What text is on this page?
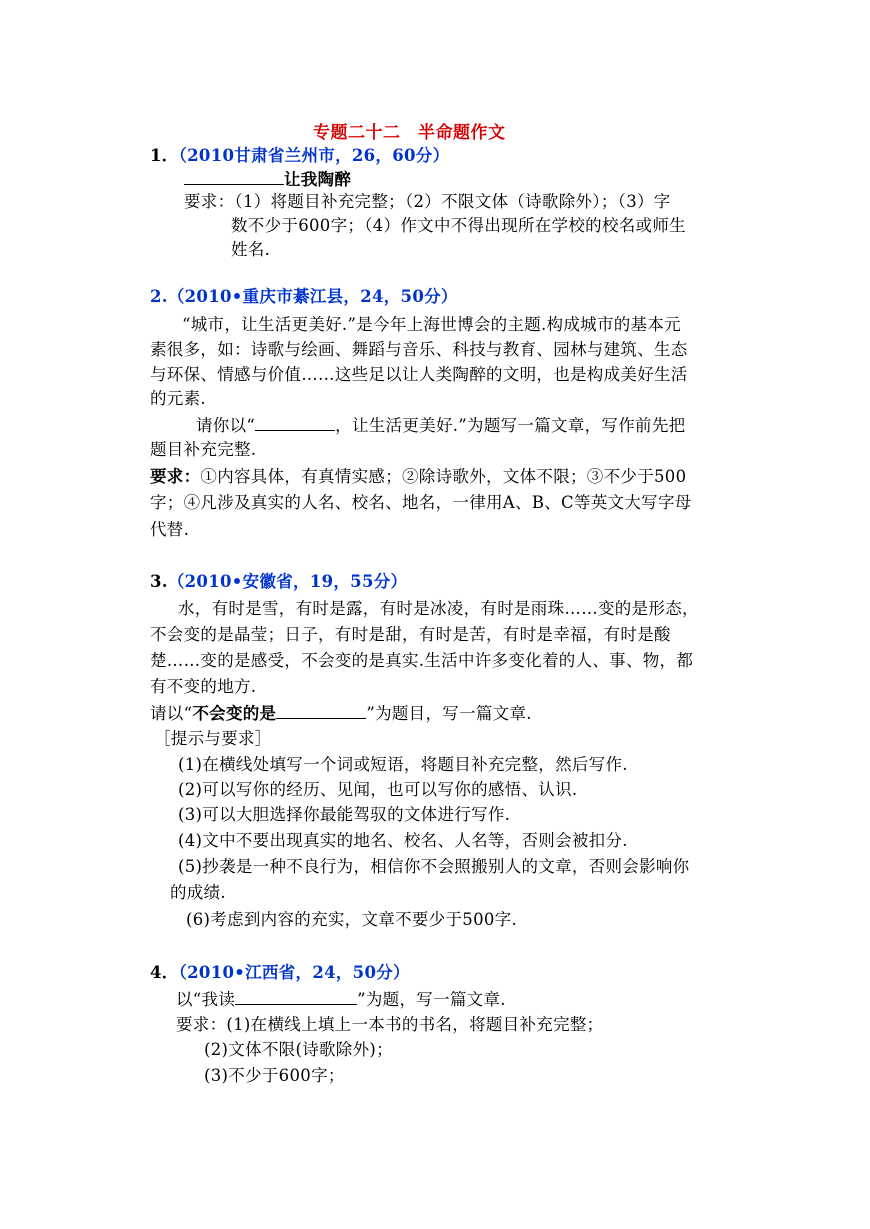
专题二十二　半命题作文
1．（2010甘肃省兰州市，26，60分）
让我陶醉
要求：（1）将题目补充完整；（2）不限文体（诗歌除外）；（3）字
数不少于600字；（4）作文中不得出现所在学校的校名或师生
姓名.
2.（2010•重庆市綦江县，24，50分）
“城市，让生活更美好.”是今年上海世博会的主题.构成城市的基本元
素很多，如：诗歌与绘画、舞蹈与音乐、科技与教育、园林与建筑、生态
与环保、情感与价值……这些足以让人类陶醉的文明，也是构成美好生活
的元素.
请你以“	，让生活更美好.”为题写一篇文章，写作前先把
题目补充完整.
要求：①内容具体，有真情实感；②除诗歌外，文体不限；③不少于500
字；④凡涉及真实的人名、校名、地名，一律用A、B、C等英文大写字母
代替.
3.（2010•安徽省，19，55分）
水，有时是雪，有时是露，有时是冰凌，有时是雨珠……变的是形态，
不会变的是晶莹；日子，有时是甜，有时是苦，有时是幸福，有时是酸
楚……变的是感受，不会变的是真实.生活中许多变化着的人、事、物，都
有不变的地方.
请以“不会变的是	”为题目，写一篇文章.
［提示与要求］
(1)在横线处填写一个词或短语，将题目补充完整，然后写作.
(2)可以写你的经历、见闻，也可以写你的感悟、认识.
(3)可以大胆选择你最能驾驭的文体进行写作.
(4)文中不要出现真实的地名、校名、人名等，否则会被扣分.
(5)抄袭是一种不良行为，相信你不会照搬别人的文章，否则会影响你
的成绩.
(6)考虑到内容的充实，文章不要少于500字.
4．（2010•江西省，24，50分）
以“我读	”为题，写一篇文章.
要求：(1)在横线上填上一本书的书名，将题目补充完整；
(2)文体不限(诗歌除外)；
(3)不少于600字；
